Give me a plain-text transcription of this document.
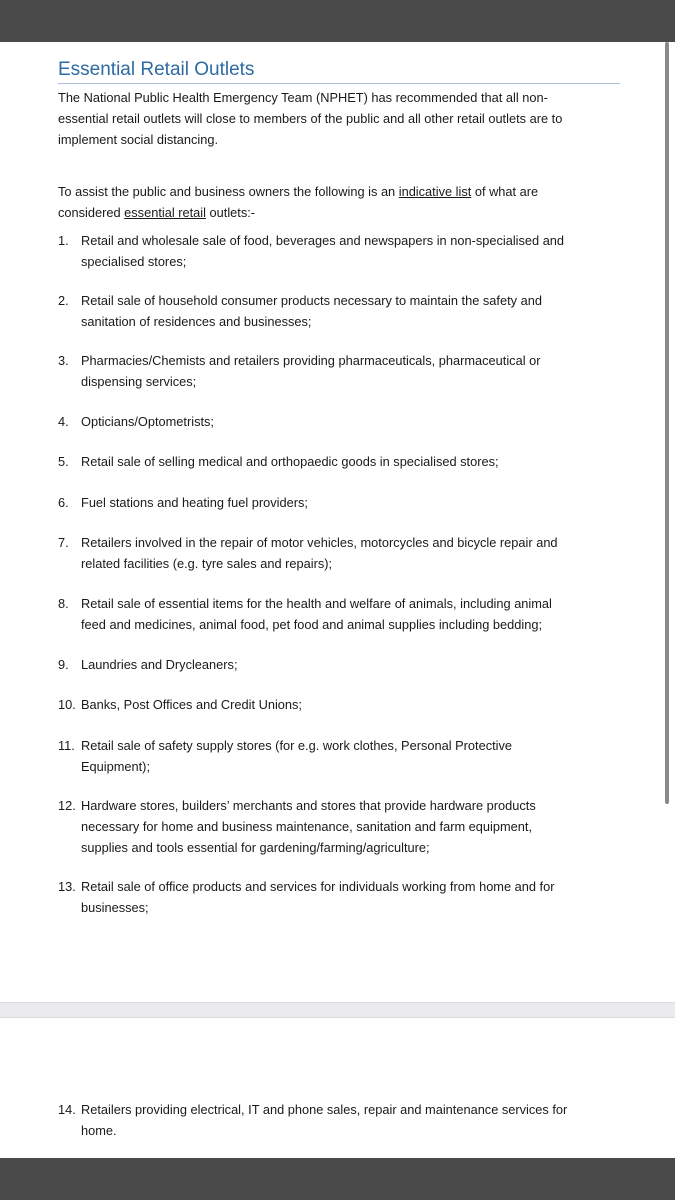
Essential Retail Outlets

The National Public Health Emergency Team (NPHET) has recommended that all non-
essential retail outlets will close to members of the public and all other retail outlets are to
implement social distancing.

To assist the public and business owners the following is an indicative list of what are
considered essential retail outlets:-

1. Retail and wholesale sale of food, beverages and newspapers in non-specialised and
specialised stores;
2. Retail sale of household consumer products necessary to maintain the safety and
sanitation of residences and businesses;
3. Pharmacies/Chemists and retailers providing pharmaceuticals, pharmaceutical or
dispensing services;
4. Opticians/Optometrists;
5. Retail sale of selling medical and orthopaedic goods in specialised stores;
6. Fuel stations and heating fuel providers;
7. Retailers involved in the repair of motor vehicles, motorcycles and bicycle repair and
related facilities (e.g. tyre sales and repairs);
8. Retail sale of essential items for the health and welfare of animals, including animal
feed and medicines, animal food, pet food and animal supplies including bedding;
9. Laundries and Drycleaners;
10. Banks, Post Offices and Credit Unions;
11. Retail sale of safety supply stores (for e.g. work clothes, Personal Protective
Equipment);
12. Hardware stores, builders’ merchants and stores that provide hardware products
necessary for home and business maintenance, sanitation and farm equipment,
supplies and tools essential for gardening/farming/agriculture;
13. Retail sale of office products and services for individuals working from home and for
businesses;
14. Retailers providing electrical, IT and phone sales, repair and maintenance services for
home.
